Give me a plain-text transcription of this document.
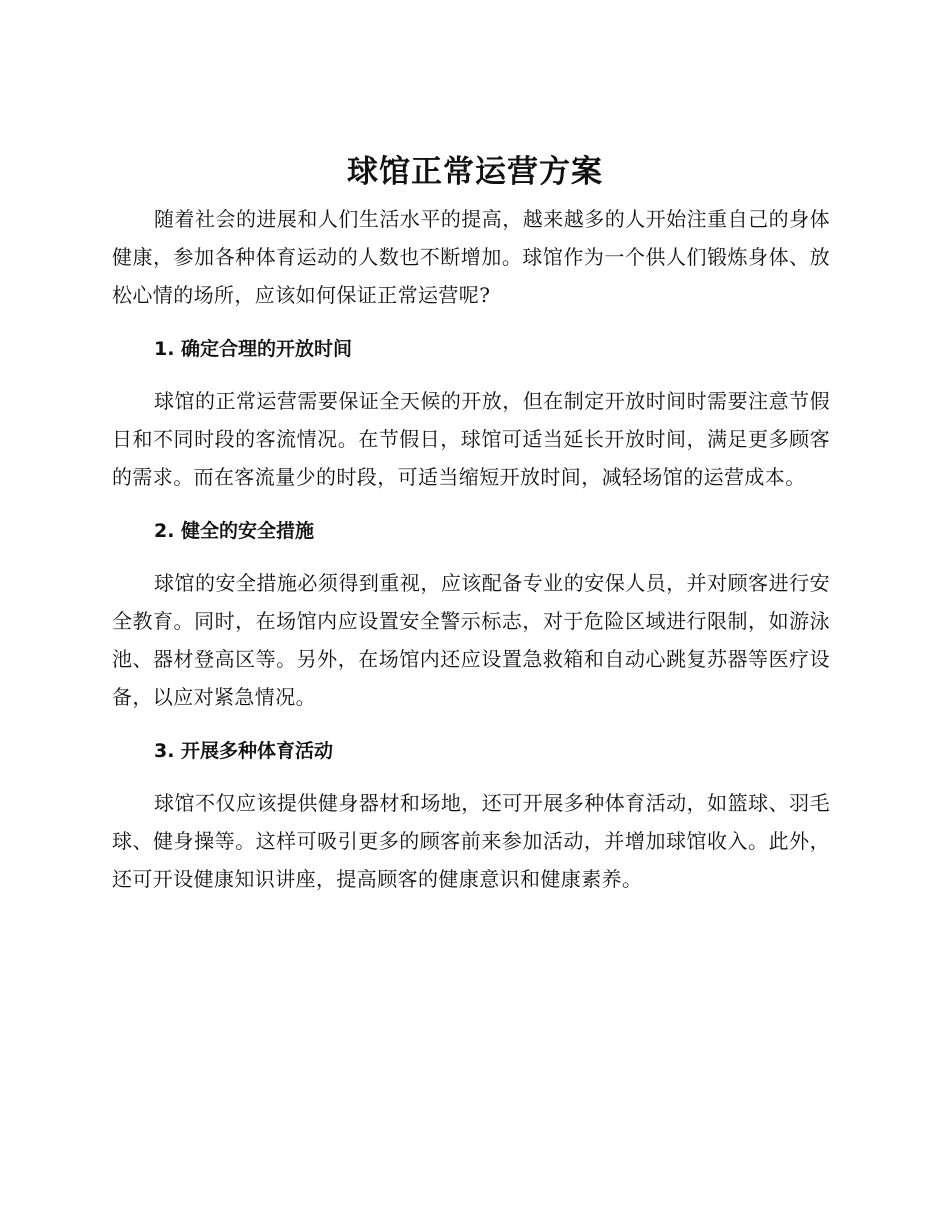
球馆正常运营方案

随着社会的进展和人们生活水平的提高，越来越多的人开始注重自己的身体健康，参加各种体育运动的人数也不断增加。球馆作为一个供人们锻炼身体、放松心情的场所，应该如何保证正常运营呢?

1. 确定合理的开放时间

球馆的正常运营需要保证全天候的开放，但在制定开放时间时需要注意节假日和不同时段的客流情况。在节假日，球馆可适当延长开放时间，满足更多顾客的需求。而在客流量少的时段，可适当缩短开放时间，减轻场馆的运营成本。

2. 健全的安全措施

球馆的安全措施必须得到重视，应该配备专业的安保人员，并对顾客进行安全教育。同时，在场馆内应设置安全警示标志，对于危险区域进行限制，如游泳池、器材登高区等。另外，在场馆内还应设置急救箱和自动心跳复苏器等医疗设备，以应对紧急情况。

3. 开展多种体育活动

球馆不仅应该提供健身器材和场地，还可开展多种体育活动，如篮球、羽毛球、健身操等。这样可吸引更多的顾客前来参加活动，并增加球馆收入。此外，还可开设健康知识讲座，提高顾客的健康意识和健康素养。
